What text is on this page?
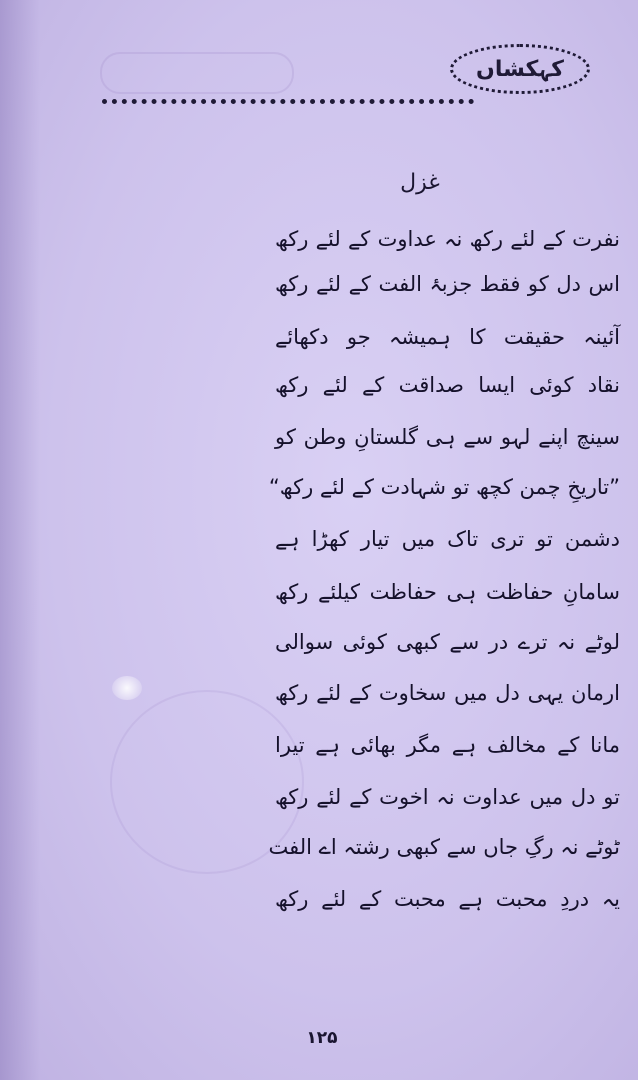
کہکشاں
غزل
نفرت کے لئے رکھ نہ عداوت کے لئے رکھ
اس دل کو فقط جزبۂ الفت کے لئے رکھ
آئینہ حقیقت کا ہمیشہ جو دکھائے
نقاد کوئی ایسا صداقت کے لئے رکھ
سینچ اپنے لہو سے ہی گلستانِ وطن کو
”تاریخِ چمن کچھ تو شہادت کے لئے رکھ“
دشمن تو تری تاک میں تیار کھڑا ہے
سامانِ حفاظت ہی حفاظت کیلئے رکھ
لوٹے نہ ترے در سے کبھی کوئی سوالی
ارمان یہی دل میں سخاوت کے لئے رکھ
مانا کے مخالف ہے مگر بھائی ہے تیرا
تو دل میں عداوت نہ اخوت کے لئے رکھ
ٹوٹے نہ رگِ جاں سے کبھی رشتہ اے الفت
یہ دردِ محبت ہے محبت کے لئے رکھ
۱۲۵
